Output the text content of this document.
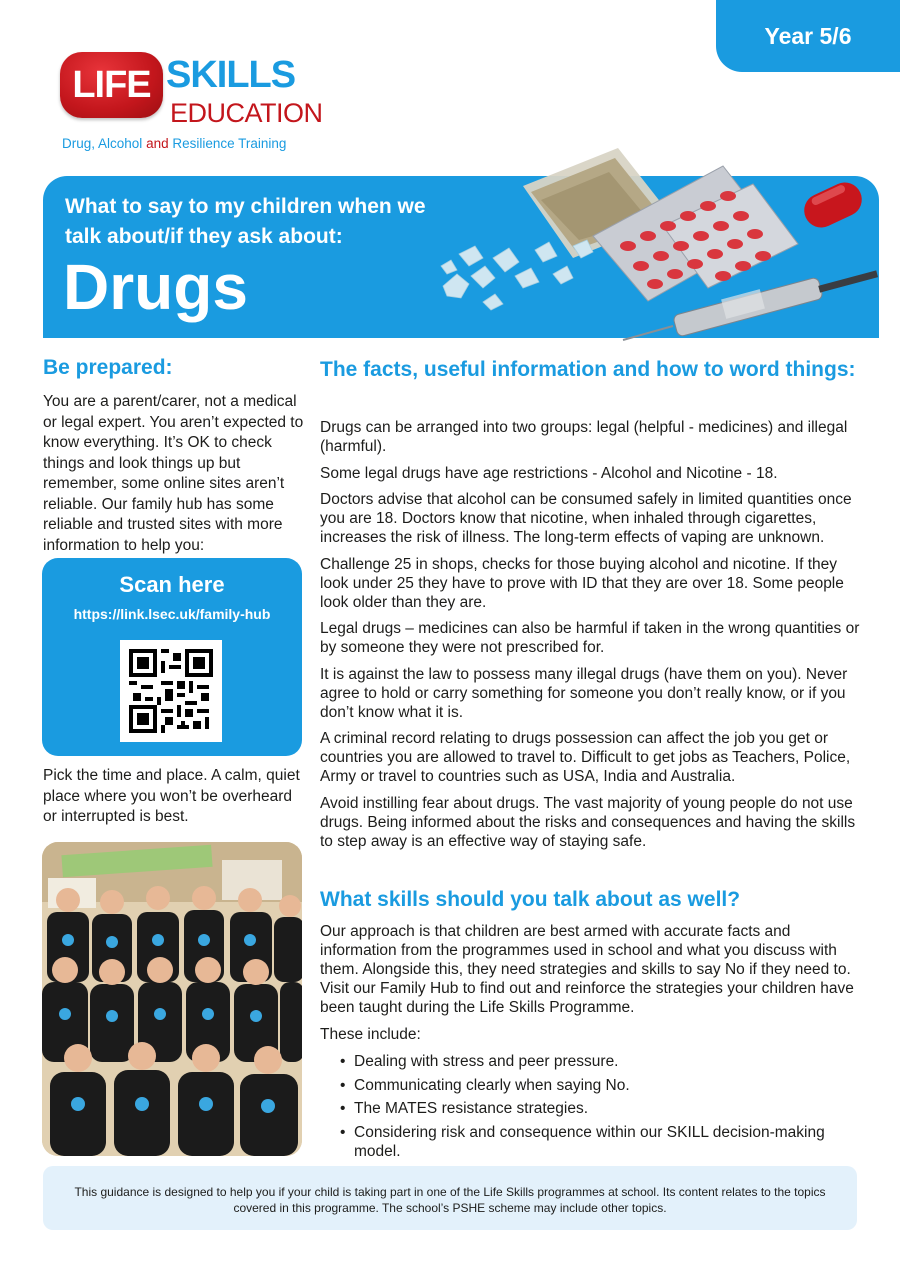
Year 5/6
LIFE SKILLS
EDUCATION
Drug, Alcohol and Resilience Training
What to say to my children when we talk about/if they ask about:
Drugs
Be prepared:
You are a parent/carer, not a medical or legal expert. You aren’t expected to know everything. It’s OK to check things and look things up but remember, some online sites aren’t reliable. Our family hub has some reliable and trusted sites with more information to help you:
Scan here
https://link.lsec.uk/family-hub
Pick the time and place. A calm, quiet place where you won’t be overheard or interrupted is best.
The facts, useful information and how to word things:

Drugs can be arranged into two groups: legal (helpful - medicines) and illegal (harmful).

Some legal drugs have age restrictions - Alcohol and Nicotine - 18.

Doctors advise that alcohol can be consumed safely in limited quantities once you are 18. Doctors know that nicotine, when inhaled through cigarettes, increases the risk of illness. The long-term effects of vaping are unknown.

Challenge 25 in shops, checks for those buying alcohol and nicotine. If they look under 25 they have to prove with ID that they are over 18. Some people look older than they are.

Legal drugs – medicines can also be harmful if taken in the wrong quantities or by someone they were not prescribed for.

It is against the law to possess many illegal drugs (have them on you). Never agree to hold or carry something for someone you don’t really know, or if you don’t know what it is.

A criminal record relating to drugs possession can affect the job you get or countries you are allowed to travel to. Difficult to get jobs as Teachers, Police, Army or travel to countries such as USA, India and Australia.

Avoid instilling fear about drugs. The vast majority of young people do not use drugs. Being informed about the risks and consequences and having the skills to step away is an effective way of staying safe.

What skills should you talk about as well?

Our approach is that children are best armed with accurate facts and information from the programmes used in school and what you discuss with them. Alongside this, they need strategies and skills to say No if they need to. Visit our Family Hub to find out and reinforce the strategies your children have been taught during the Life Skills Programme.

These include:

• Dealing with stress and peer pressure.
• Communicating clearly when saying No.
• The MATES resistance strategies.
• Considering risk and consequence within our SKILL decision-making model.
This guidance is designed to help you if your child is taking part in one of the Life Skills programmes at school. Its content relates to the topics covered in this programme. The school’s PSHE scheme may include other topics.
